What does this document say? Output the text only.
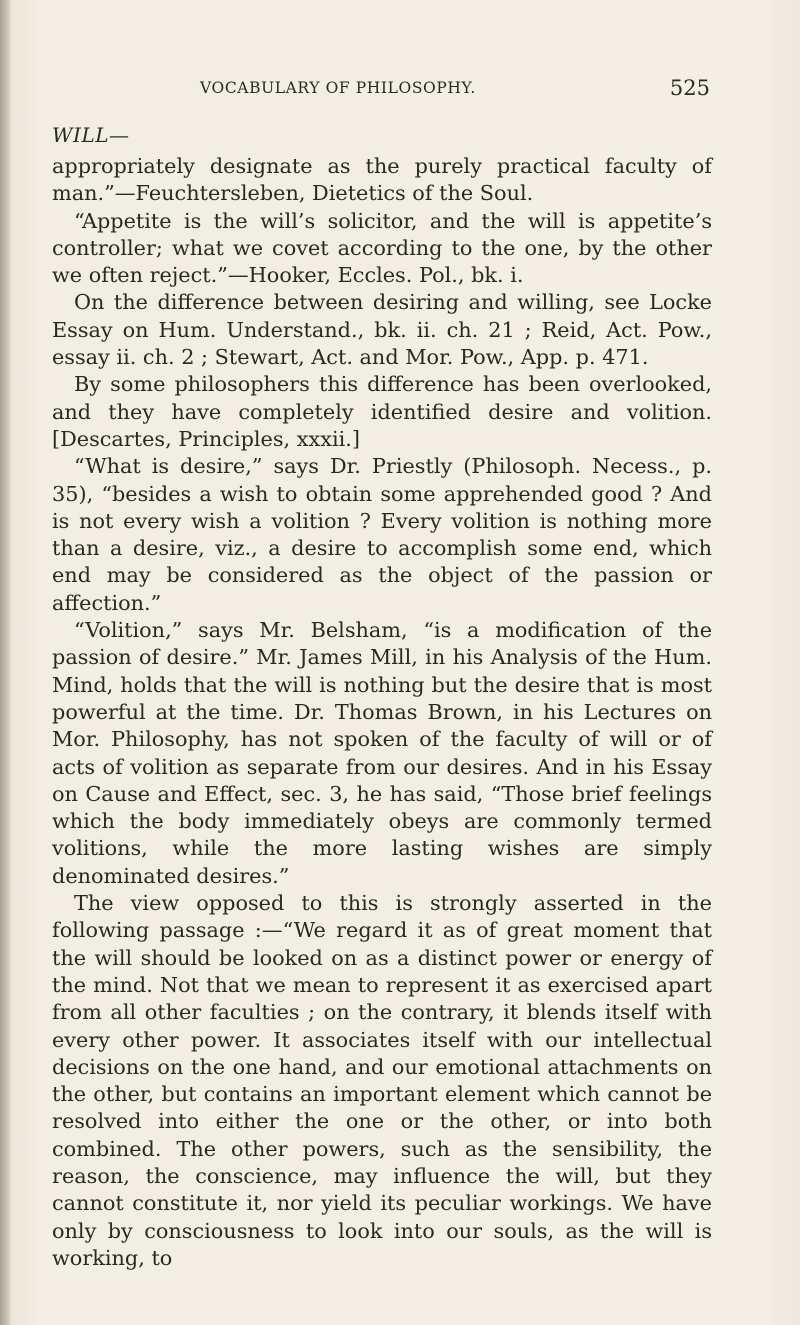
VOCABULARY OF PHILOSOPHY.	525
WILL—

appropriately designate as the purely practical faculty of man.”—Feuchtersleben, Dietetics of the Soul.

“Appetite is the will’s solicitor, and the will is appetite’s controller; what we covet according to the one, by the other we often reject.”—Hooker, Eccles. Pol., bk. i.

On the difference between desiring and willing, see Locke Essay on Hum. Understand., bk. ii. ch. 21 ; Reid, Act. Pow., essay ii. ch. 2 ; Stewart, Act. and Mor. Pow., App. p. 471.

By some philosophers this difference has been overlooked, and they have completely identified desire and volition. [Descartes, Principles, xxxii.]

“What is desire,” says Dr. Priestly (Philosoph. Necess., p. 35), “besides a wish to obtain some apprehended good ? And is not every wish a volition ? Every volition is nothing more than a desire, viz., a desire to accomplish some end, which end may be considered as the object of the passion or affection.”

“Volition,” says Mr. Belsham, “is a modification of the passion of desire.” Mr. James Mill, in his Analysis of the Hum. Mind, holds that the will is nothing but the desire that is most powerful at the time. Dr. Thomas Brown, in his Lectures on Mor. Philosophy, has not spoken of the faculty of will or of acts of volition as separate from our desires. And in his Essay on Cause and Effect, sec. 3, he has said, “Those brief feelings which the body immediately obeys are commonly termed volitions, while the more lasting wishes are simply denominated desires.”

The view opposed to this is strongly asserted in the following passage :—“We regard it as of great moment that the will should be looked on as a distinct power or energy of the mind. Not that we mean to represent it as exercised apart from all other faculties ; on the contrary, it blends itself with every other power. It associates itself with our intellectual decisions on the one hand, and our emotional attachments on the other, but contains an important element which cannot be resolved into either the one or the other, or into both combined. The other powers, such as the sensibility, the reason, the conscience, may influence the will, but they cannot constitute it, nor yield its peculiar workings. We have only by consciousness to look into our souls, as the will is working, to
